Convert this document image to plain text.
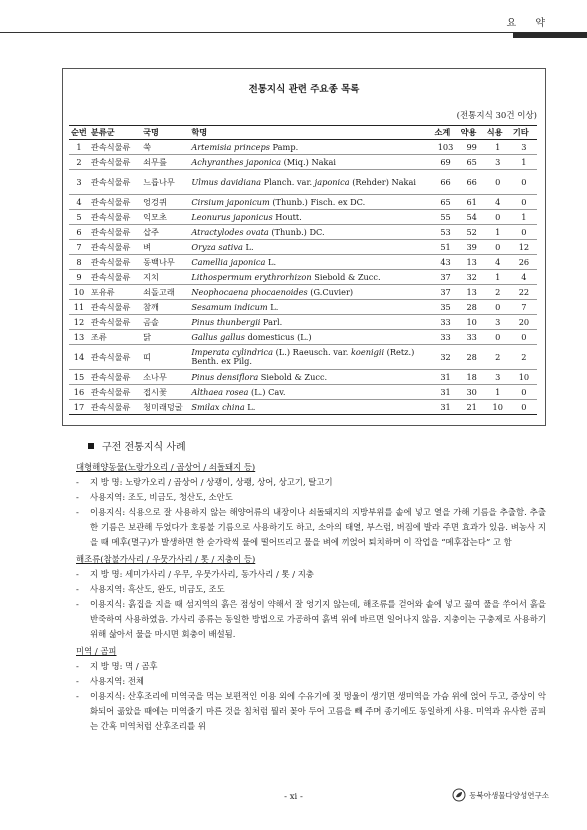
요 약
전통지식 관련 주요종 목록
(전통지식 30건 이상)
순번	분류군	국명	학명	소계	약용	식용	기타
1	관속식물류	쑥	Artemisia princeps Pamp.	103	99	1	3
2	관속식물류	쇠무릎	Achyranthes japonica (Miq.) Nakai	69	65	3	1
3	관속식물류	느릅나무	Ulmus davidiana Planch. var. japonica (Rehder) Nakai	66	66	0	0
4	관속식물류	엉겅퀴	Cirsium japonicum (Thunb.) Fisch. ex DC.	65	61	4	0
5	관속식물류	익모초	Leonurus japonicus Houtt.	55	54	0	1
6	관속식물류	삽주	Atractylodes ovata (Thunb.) DC.	53	52	1	0
7	관속식물류	벼	Oryza sativa L.	51	39	0	12
8	관속식물류	동백나무	Camellia japonica L.	43	13	4	26
9	관속식물류	지치	Lithospermum erythrorhizon Siebold & Zucc.	37	32	1	4
10	포유류	쇠돌고래	Neophocaena phocaenoides (G.Cuvier)	37	13	2	22
11	관속식물류	참깨	Sesamum indicum L.	35	28	0	7
12	관속식물류	곰솔	Pinus thunbergii Parl.	33	10	3	20
13	조류	닭	Gallus gallus domesticus (L.)	33	33	0	0
14	관속식물류	띠	Imperata cylindrica (L.) Raeusch. var. koenigii (Retz.) Benth. ex Pilg.	32	28	2	2
15	관속식물류	소나무	Pinus densiflora Siebold & Zucc.	31	18	3	10
16	관속식물류	접시꽃	Althaea rosea (L.) Cav.	31	30	1	0
17	관속식물류	청미래덩굴	Smilax china L.	31	21	10	0
구전 전통지식 사례
대형해양동물(노랑가오리 / 곱상어 / 쇠돌돼지 등)
- 지 방 명: 노랑가오리 / 곱상어 / 상괭이, 상쾡, 상어, 상고기, 탈고기
- 사용지역: 조도, 비금도, 청산도, 소안도
- 이용지식: 식용으로 잘 사용하지 않는 해양어류의 내장이나 쇠돌돼지의 지방부위를 솥에 넣고 열을 가해 기름을 추출함. 추출한 기름은 보관해 두었다가 호롱불 기름으로 사용하기도 하고, 소아의 태열, 부스럼, 버짐에 발라 주면 효과가 있음. 벼농사 지을 때 메후(멸구)가 발생하면 한 숟가락씩 물에 떨어뜨리고 물을 벼에 끼얹어 퇴치하며 이 작업을 “메후잡는다” 고 함
해조류(참불가사리 / 우뭇가사리 / 톳 / 지충이 등)
- 지 방 명: 세미가사리 / 우무, 우뭇가사리, 동가사리 / 톳 / 지충
- 사용지역: 흑산도, 완도, 비금도, 조도
- 이용지식: 흙집을 지을 때 섬지역의 흙은 점성이 약해서 잘 엉기지 않는데, 해조류를 걷어와 솥에 넣고 끓여 풀을 쑤어서 흙을 반죽하여 사용하였음. 가사리 종류는 동일한 방법으로 가공하여 흙벽 위에 바르면 일어나지 않음. 지충이는 구충제로 사용하기 위해 삶아서 물을 마시면 회충이 배설됨.
미역 / 곰피
- 지 방 명: 멱 / 곰후
- 사용지역: 전체
- 이용지식: 산후조리에 미역국을 먹는 보편적인 이용 외에 수유기에 젖 멍울이 생기면 생미역을 가슴 위에 얹어 두고, 증상이 악화되어 곪았을 때에는 미역줄기 마른 것을 침처럼 뭘러 꽂아 두어 고름을 빼 주며 종기에도 동일하게 사용. 미역과 유사한 곰피는 간혹 미역처럼 산후조리를 위
- xi -	동북아생물다양성연구소
